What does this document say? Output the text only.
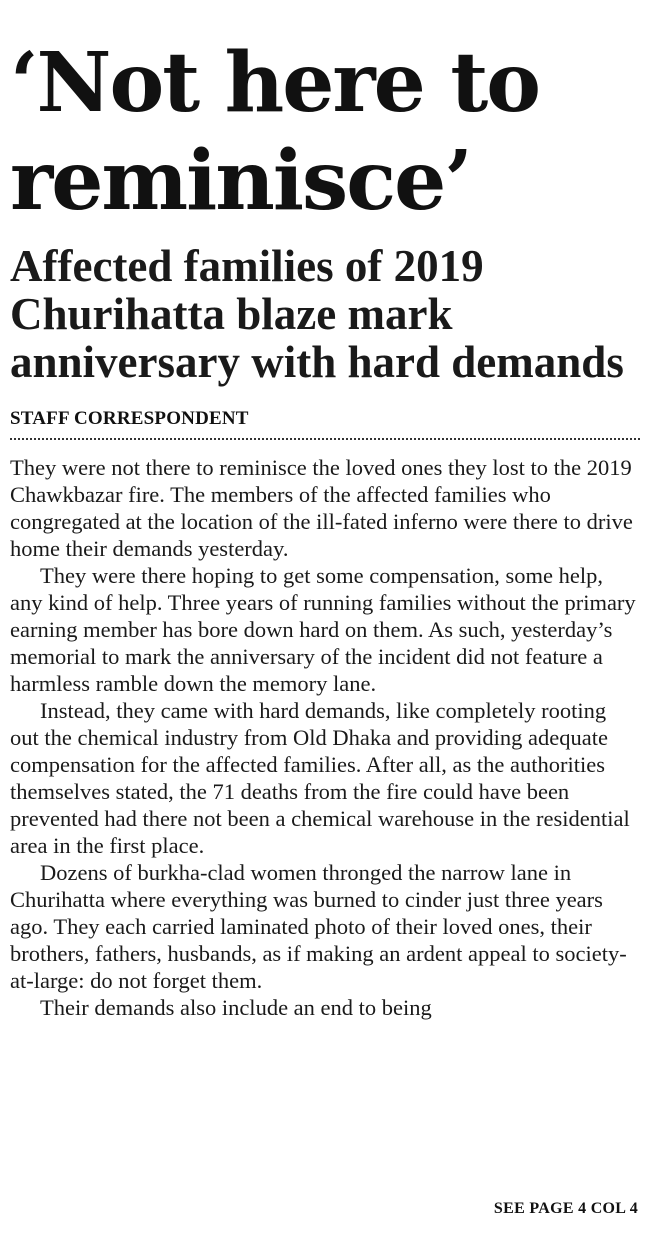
‘Not here to
reminisce’
Affected families of 2019
Churihatta blaze mark
anniversary with hard demands
STAFF CORRESPONDENT

They were not there to reminisce the loved ones they lost to the 2019 Chawkbazar fire. The members of the affected families who congregated at the location of the ill-fated inferno were there to drive home their demands yesterday.

They were there hoping to get some compensation, some help, any kind of help. Three years of running families without the primary earning member has bore down hard on them. As such, yesterday’s memorial to mark the anniversary of the incident did not feature a harmless ramble down the memory lane.

Instead, they came with hard demands, like completely rooting out the chemical industry from Old Dhaka and providing adequate compensation for the affected families. After all, as the authorities themselves stated, the 71 deaths from the fire could have been prevented had there not been a chemical warehouse in the residential area in the first place.

Dozens of burkha-clad women thronged the narrow lane in Churihatta where everything was burned to cinder just three years ago. They each carried laminated photo of their loved ones, their brothers, fathers, husbands, as if making an ardent appeal to society-at-large: do not forget them.

Their demands also include an end to being

SEE PAGE 4 COL 4
